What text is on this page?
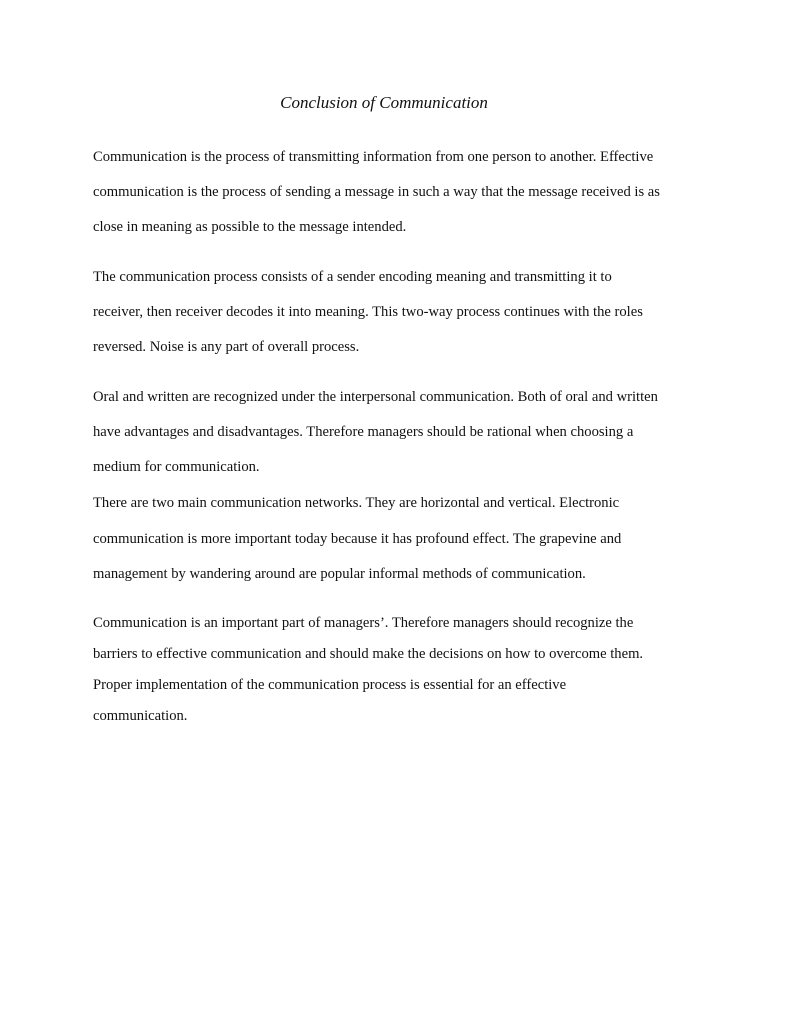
Conclusion of Communication

Communication is the process of transmitting information from one person to another. Effective

communication is the process of sending a message in such a way that the message received is as

close in meaning as possible to the message intended.

The communication process consists of a sender encoding meaning and transmitting it to

receiver, then receiver decodes it into meaning. This two-way process continues with the roles

reversed. Noise is any part of overall process.

Oral and written are recognized under the interpersonal communication. Both of oral and written

have advantages and disadvantages. Therefore managers should be rational when choosing a

medium for communication.

There are two main communication networks. They are horizontal and vertical. Electronic

communication is more important today because it has profound effect. The grapevine and

management by wandering around are popular informal methods of communication.

Communication is an important part of managers’. Therefore managers should recognize the

barriers to effective communication and should make the decisions on how to overcome them.

Proper implementation of the communication process is essential for an effective

communication.
